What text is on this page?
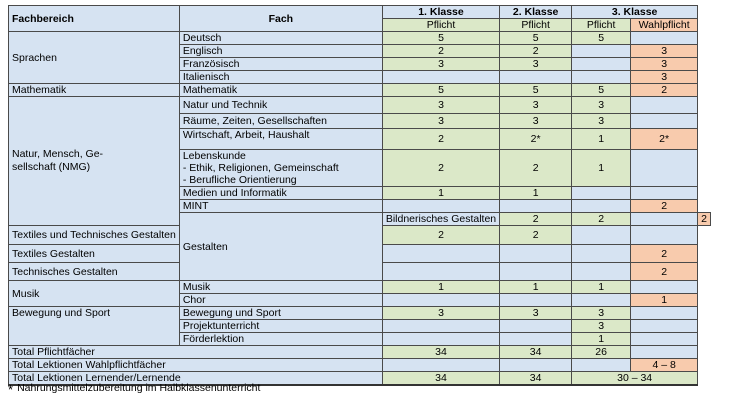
Fachbereich	Fach	1. Klasse	2. Klasse	3. Klasse		
		Pflicht	Pflicht	Pflicht	Wahlpflicht	
Sprachen	Deutsch	5	5	5		
	Englisch	2	2		3	
	Französisch	3	3		3	
	Italienisch				3	
Mathematik	Mathematik	5	5	5	2	
Natur, Mensch, Ge-
sellschaft (NMG)	Natur und Technik	3	3	3		
	Räume, Zeiten, Gesellschaften	3	3	3		
	Wirtschaft, Arbeit, Haushalt	2	2*	1	2*	

	Lebenskunde
- Ethik, Religionen, Gemeinschaft
- Berufliche Orientierung	2	2	1		
	Medien und Informatik	1	1			
	MINT				2	
	Gestalten	Bildnerisches Gestalten	2	2		2
Textiles und Technisches Gestalten		2	2			
Textiles Gestalten					2	
Technisches Gestalten					2	
Musik	Musik	1	1	1		
	Chor				1	
Bewegung und Sport	Bewegung und Sport	3	3	3		
	Projektunterricht			3		
	Förderlektion			1		
Total Pflichtfächer		34	34	26		
Total Lektionen Wahlpflichtfächer					4 – 8	
Total Lektionen Lernender/Lernende		34	34	30 – 34		
* Nahrungsmittelzubereitung im Halbklassenunterricht
